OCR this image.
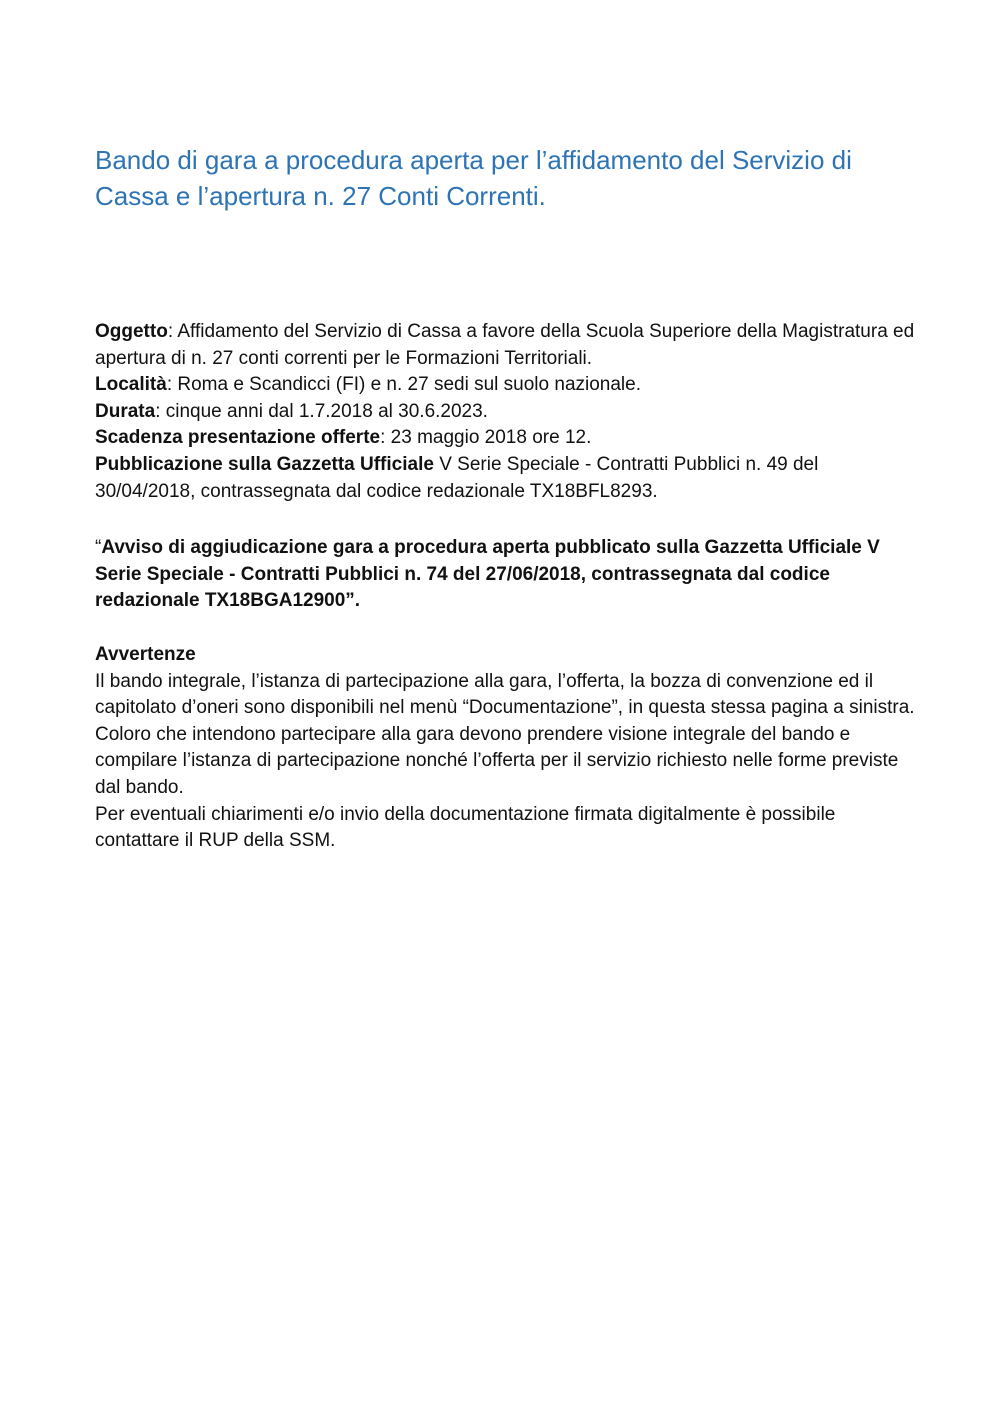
Bando di gara a procedura aperta per l’affidamento del Servizio di Cassa e l’apertura n. 27 Conti Correnti.
Oggetto: Affidamento del Servizio di Cassa a favore della Scuola Superiore della Magistratura ed apertura di n. 27 conti correnti per le Formazioni Territoriali.
Località: Roma e Scandicci (FI) e n. 27 sedi sul suolo nazionale.
Durata: cinque anni dal 1.7.2018 al 30.6.2023.
Scadenza presentazione offerte: 23 maggio 2018 ore 12.
Pubblicazione sulla Gazzetta Ufficiale V Serie Speciale - Contratti Pubblici n. 49 del 30/04/2018, contrassegnata dal codice redazionale TX18BFL8293.

“Avviso di aggiudicazione gara a procedura aperta pubblicato sulla Gazzetta Ufficiale V Serie Speciale - Contratti Pubblici n. 74 del 27/06/2018, contrassegnata dal codice redazionale TX18BGA12900”.

Avvertenze
Il bando integrale, l’istanza di partecipazione alla gara, l’offerta, la bozza di convenzione ed il capitolato d’oneri sono disponibili nel menù “Documentazione”, in questa stessa pagina a sinistra.
Coloro che intendono partecipare alla gara devono prendere visione integrale del bando e compilare l’istanza di partecipazione nonché l’offerta per il servizio richiesto nelle forme previste dal bando.
Per eventuali chiarimenti e/o invio della documentazione firmata digitalmente è possibile contattare il RUP della SSM.
